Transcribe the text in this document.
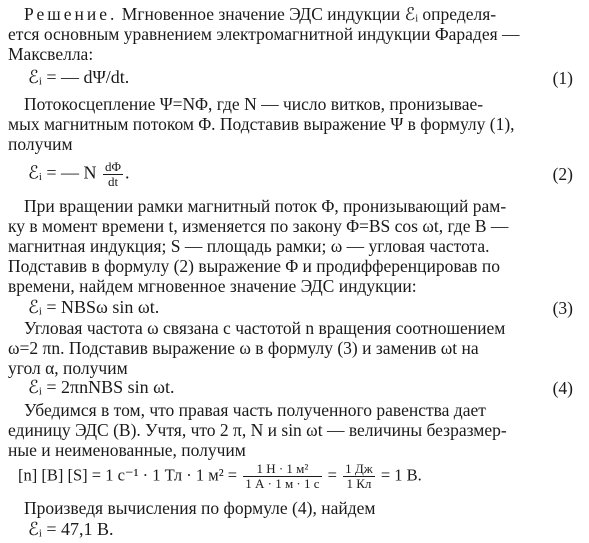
Решение. Мгновенное значение ЭДС индукции ℰᵢ определя-
ется основным уравнением электромагнитной индукции Фарадея —
Максвелла:
ℰᵢ = — dΨ/dt.	(1)
Потокосцепление Ψ=NΦ, где N — число витков, пронизывае-
мых магнитным потоком Φ. Подставив выражение Ψ в формулу (1),
получим
ℰᵢ = — N $\frac{d\Phi}{dt}$ .	(2)
При вращении рамки магнитный поток Φ, пронизывающий рам-
ку в момент времени t, изменяется по закону Φ=BS cos ωt, где B —
магнитная индукция; S — площадь рамки; ω — угловая частота.
Подставив в формулу (2) выражение Φ и продифференцировав по
времени, найдем мгновенное значение ЭДС индукции:
ℰᵢ = NBSω sin ωt.	(3)
Угловая частота ω связана с частотой n вращения соотношением
ω=2 πn. Подставив выражение ω в формулу (3) и заменив ωt на
угол α, получим
ℰᵢ = 2πnNBS sin ωt.	(4)
Убедимся в том, что правая часть полученного равенства дает
единицу ЭДС (В). Учтя, что 2 π, N и sin ωt — величины безразмер-
ные и неименованные, получим
[n] [B] [S] = 1 с⁻¹ · 1 Тл · 1 $м^2 = \frac{\text{1 Н · 1 м²}}{1 А \cdot 1 м \cdot 1 с} = \frac{1 Дж}{1 Кл} = 1$ В.
Произведя вычисления по формуле (4), найдем
ℰᵢ = 47,1 В.
